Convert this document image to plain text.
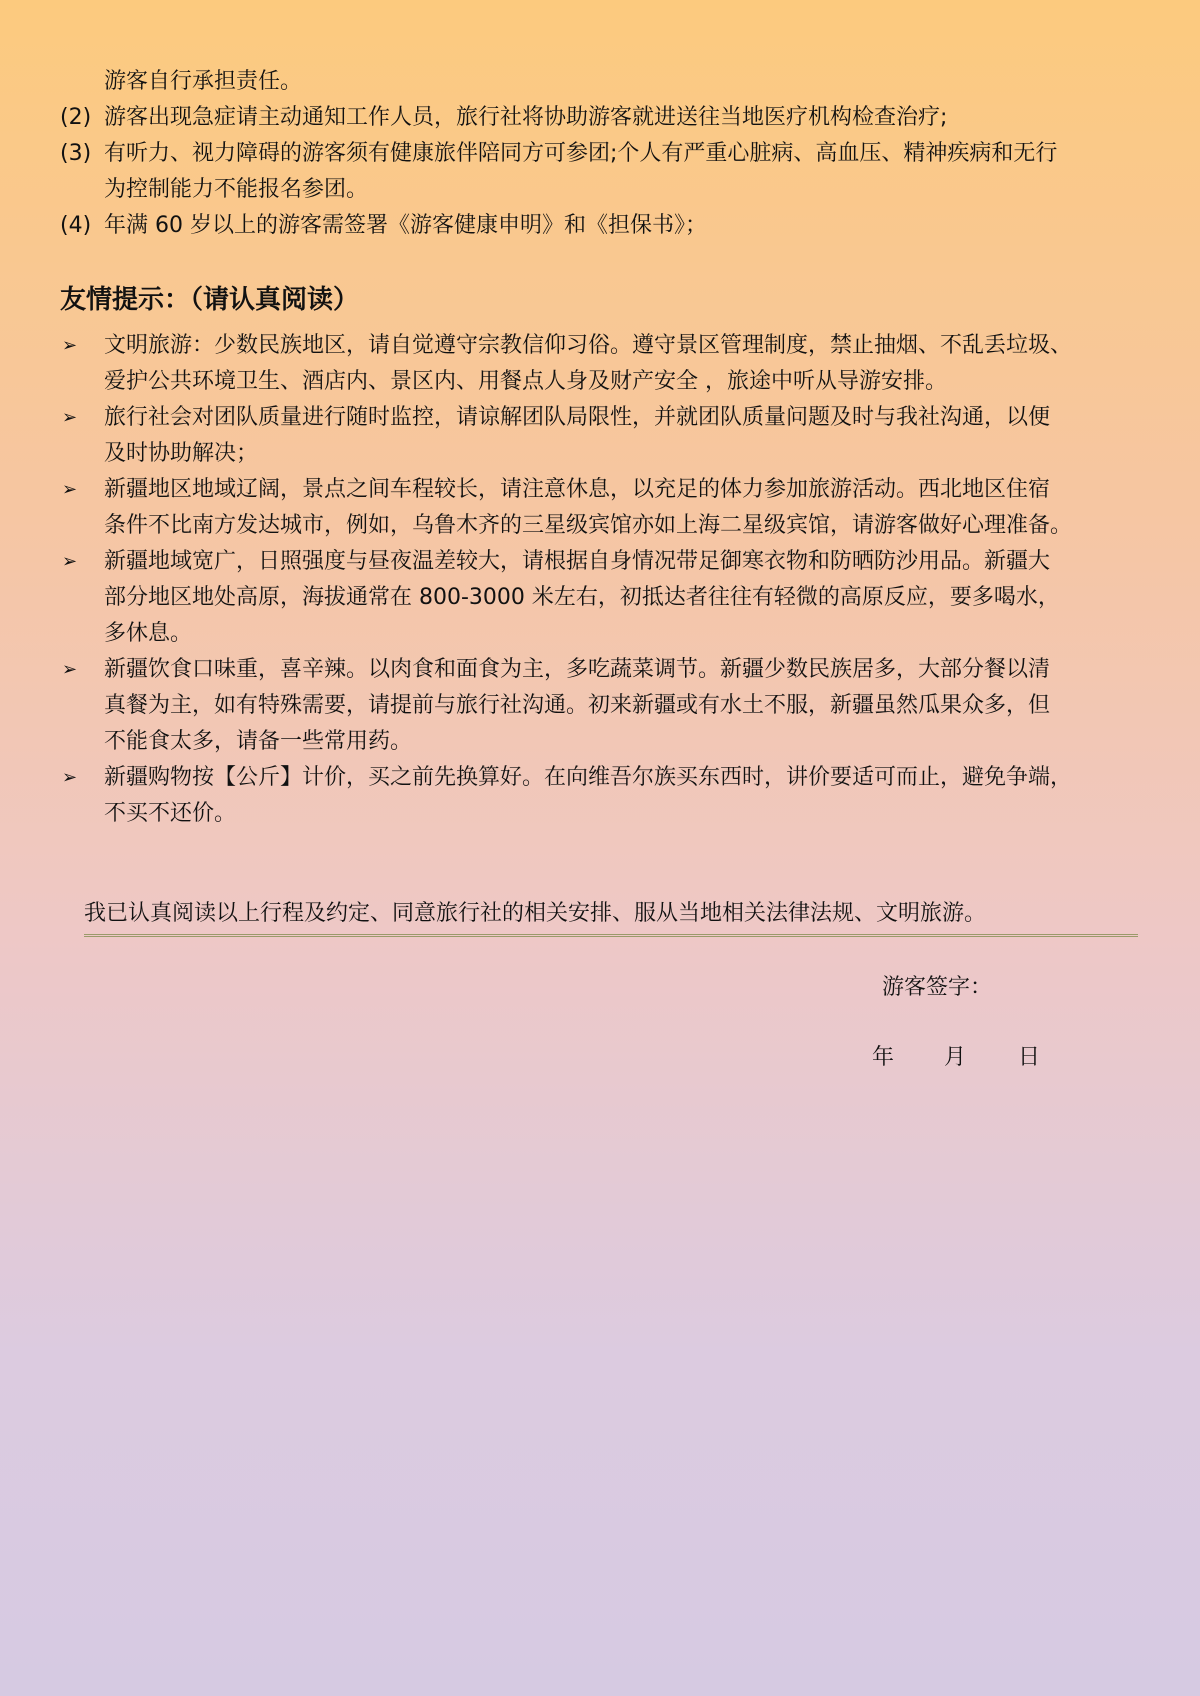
游客自行承担责任。
(2) 游客出现急症请主动通知工作人员，旅行社将协助游客就进送往当地医疗机构检查治疗;
(3) 有听力、视力障碍的游客须有健康旅伴陪同方可参团;个人有严重心脏病、高血压、精神疾病和无行
为控制能力不能报名参团。
(4) 年满 60 岁以上的游客需签署《游客健康申明》和《担保书》；
友情提示：（请认真阅读）
➢ 文明旅游：少数民族地区，请自觉遵守宗教信仰习俗。遵守景区管理制度，禁止抽烟、不乱丢垃圾、
爱护公共环境卫生、酒店内、景区内、用餐点人身及财产安全 ，旅途中听从导游安排。
➢ 旅行社会对团队质量进行随时监控，请谅解团队局限性，并就团队质量问题及时与我社沟通，以便
及时协助解决；
➢ 新疆地区地域辽阔，景点之间车程较长，请注意休息，以充足的体力参加旅游活动。西北地区住宿
条件不比南方发达城市，例如，乌鲁木齐的三星级宾馆亦如上海二星级宾馆，请游客做好心理准备。
➢ 新疆地域宽广，日照强度与昼夜温差较大，请根据自身情况带足御寒衣物和防晒防沙用品。新疆大
部分地区地处高原，海拔通常在 800-3000 米左右，初抵达者往往有轻微的高原反应，要多喝水，
多休息。
➢ 新疆饮食口味重，喜辛辣。以肉食和面食为主，多吃蔬菜调节。新疆少数民族居多，大部分餐以清
真餐为主，如有特殊需要，请提前与旅行社沟通。初来新疆或有水土不服，新疆虽然瓜果众多，但
不能食太多，请备一些常用药。
➢ 新疆购物按【公斤】计价，买之前先换算好。在向维吾尔族买东西时，讲价要适可而止，避免争端，
不买不还价。
我已认真阅读以上行程及约定、同意旅行社的相关安排、服从当地相关法律法规、文明旅游。
游客签字：
年 月 日
